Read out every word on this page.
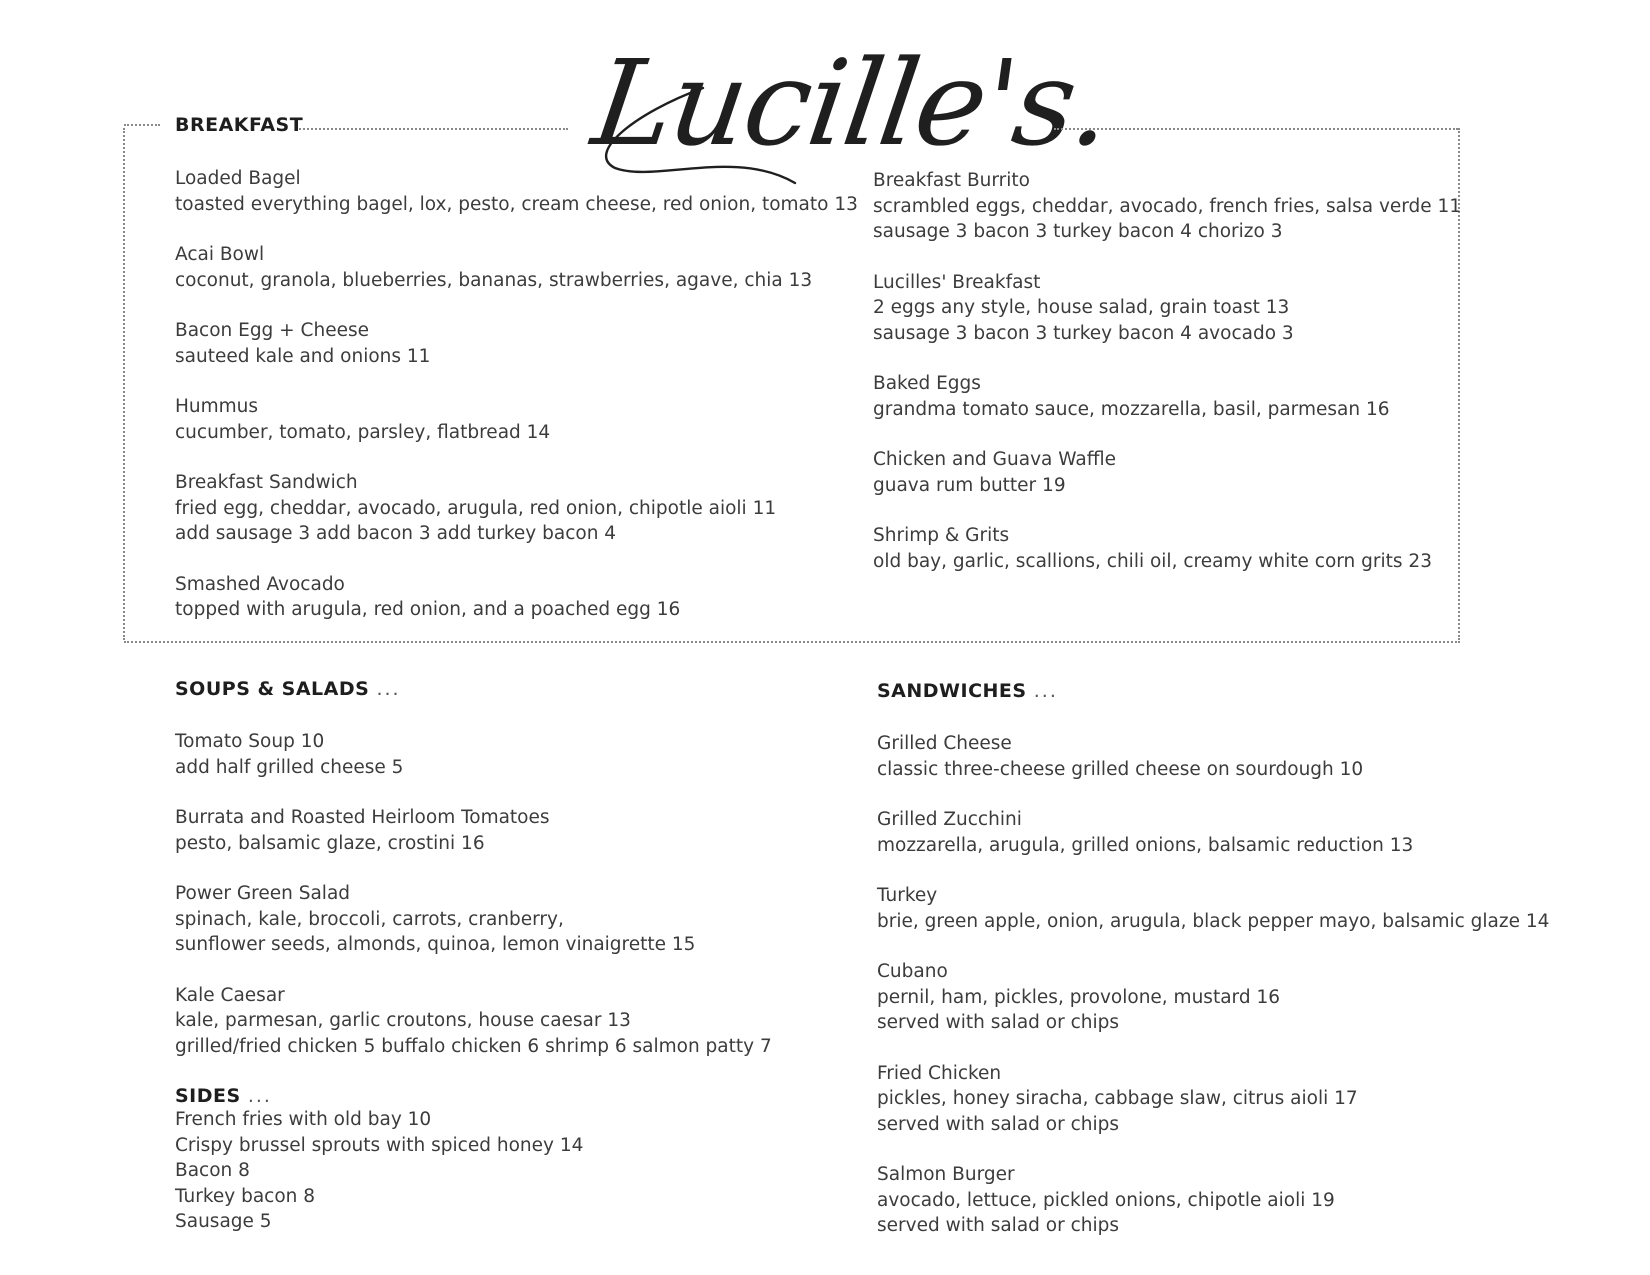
Lucille's.
BREAKFAST
Loaded Bagel
toasted everything bagel, lox, pesto, cream cheese, red onion, tomato 13
Acai Bowl
coconut, granola, blueberries, bananas, strawberries, agave, chia 13
Bacon Egg + Cheese
sauteed kale and onions 11
Hummus
cucumber, tomato, parsley, flatbread 14
Breakfast Sandwich
fried egg, cheddar, avocado, arugula, red onion, chipotle aioli 11
add sausage 3 add bacon 3 add turkey bacon 4
Smashed Avocado
topped with arugula, red onion, and a poached egg 16
Breakfast Burrito
scrambled eggs, cheddar, avocado, french fries, salsa verde 11
sausage 3 bacon 3 turkey bacon 4 chorizo 3
Lucilles' Breakfast
2 eggs any style, house salad, grain toast 13
sausage 3 bacon 3 turkey bacon 4 avocado 3
Baked Eggs
grandma tomato sauce, mozzarella, basil, parmesan 16
Chicken and Guava Waffle
guava rum butter 19
Shrimp & Grits
old bay, garlic, scallions, chili oil, creamy white corn grits 23
SOUPS & SALADS ...
Tomato Soup 10
add half grilled cheese 5
Burrata and Roasted Heirloom Tomatoes
pesto, balsamic glaze, crostini 16
Power Green Salad
spinach, kale, broccoli, carrots, cranberry,
sunflower seeds, almonds, quinoa, lemon vinaigrette 15
Kale Caesar
kale, parmesan, garlic croutons, house caesar 13
grilled/fried chicken 5 buffalo chicken 6 shrimp 6 salmon patty 7
SIDES ...
French fries with old bay 10
Crispy brussel sprouts with spiced honey 14
Bacon 8
Turkey bacon 8
Sausage 5
SANDWICHES ...
Grilled Cheese
classic three-cheese grilled cheese on sourdough 10
Grilled Zucchini
mozzarella, arugula, grilled onions, balsamic reduction 13
Turkey
brie, green apple, onion, arugula, black pepper mayo, balsamic glaze 14
Cubano
pernil, ham, pickles, provolone, mustard 16
served with salad or chips
Fried Chicken
pickles, honey siracha, cabbage slaw, citrus aioli 17
served with salad or chips
Salmon Burger
avocado, lettuce, pickled onions, chipotle aioli 19
served with salad or chips
